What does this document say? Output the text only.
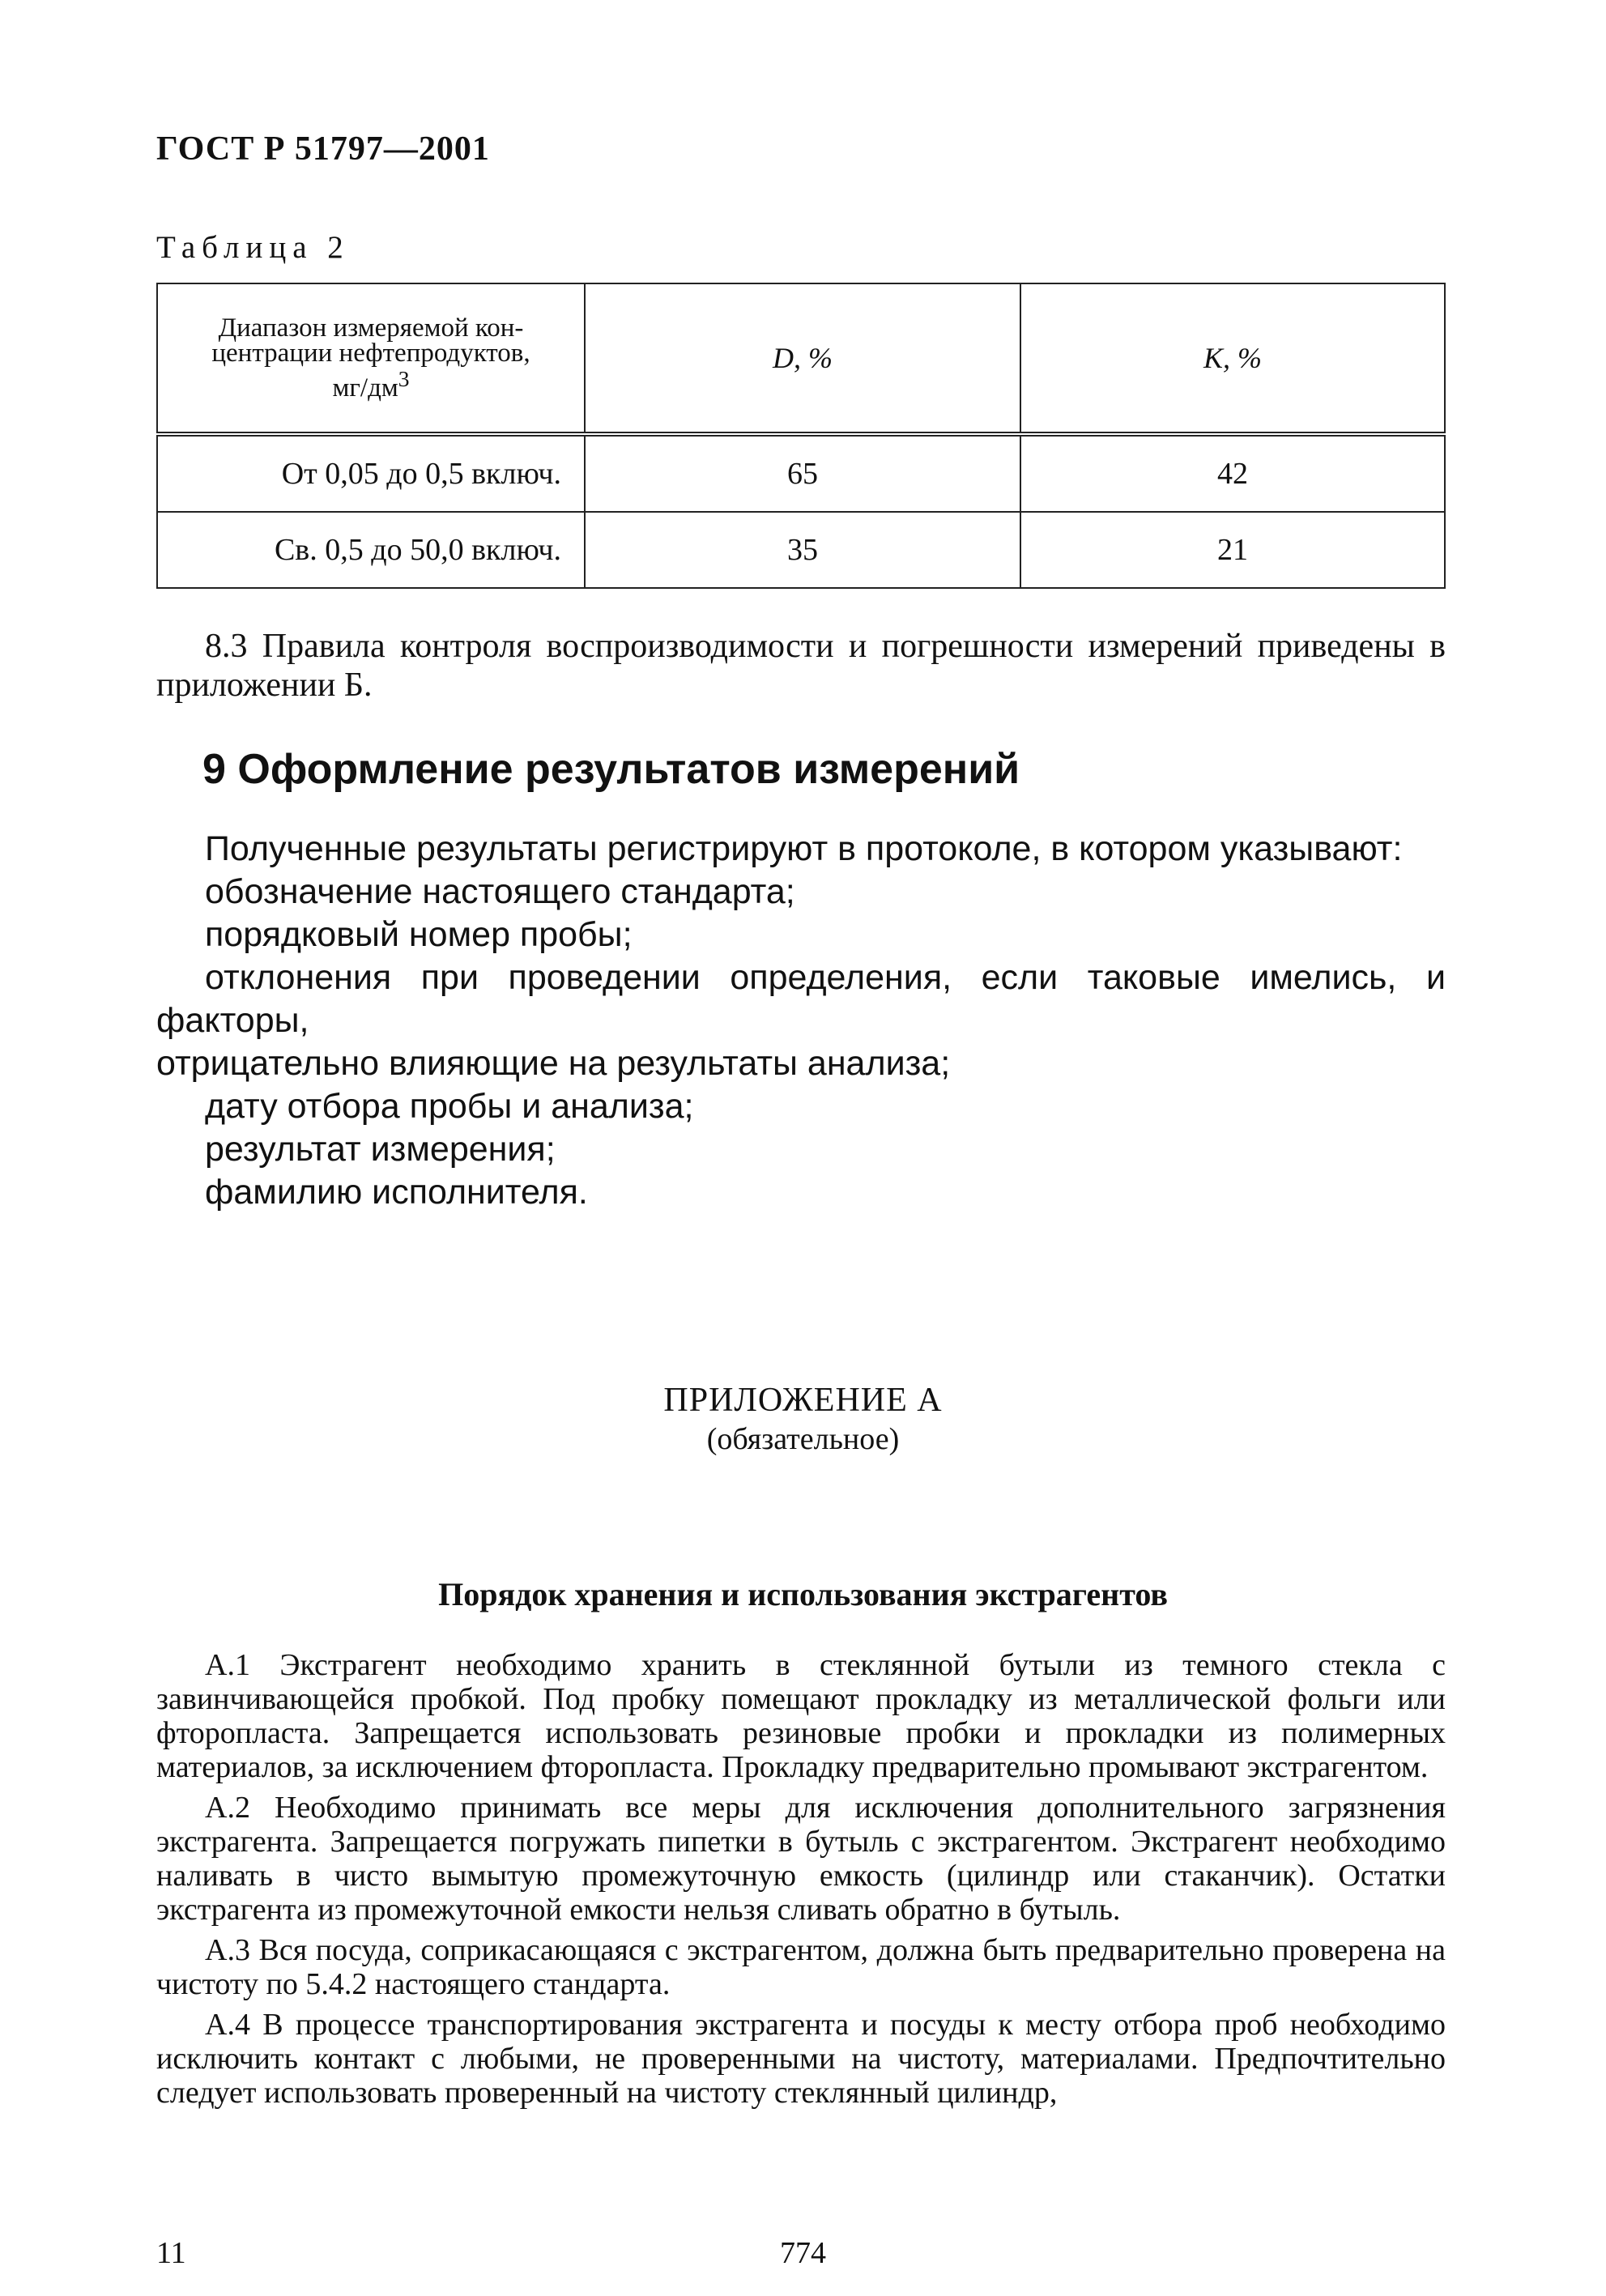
ГОСТ Р 51797—2001
Таблица 2
Диапазон измеряемой кон-
центрации нефтепродуктов,
$мг/дм^3$	D, %	K, %
От 0,05 до 0,5 включ.	65	42
Св. 0,5 до 50,0 включ.	35	21
8.3 Правила контроля воспроизводимости и погрешности измерений приведены в приложении Б.
9 Оформление результатов измерений
Полученные результаты регистрируют в протоколе, в котором указывают:
обозначение настоящего стандарта;
порядковый номер пробы;
отклонения при проведении определения, если таковые имелись, и факторы,
отрицательно влияющие на результаты анализа;
дату отбора пробы и анализа;
результат измерения;
фамилию исполнителя.
ПРИЛОЖЕНИЕ А
(обязательное)
Порядок хранения и использования экстрагентов

А.1 Экстрагент необходимо хранить в стеклянной бутыли из темного стекла с завинчивающейся пробкой. Под пробку помещают прокладку из металлической фольги или фторопласта. Запрещается использовать резиновые пробки и прокладки из полимерных материалов, за исключением фторопласта. Прокладку предварительно промывают экстрагентом.

А.2 Необходимо принимать все меры для исключения дополнительного загрязнения экстрагента. Запрещается погружать пипетки в бутыль с экстрагентом. Экстрагент необходимо наливать в чисто вымытую промежуточную емкость (цилиндр или стаканчик). Остатки экстрагента из промежуточной емкости нельзя сливать обратно в бутыль.

А.3 Вся посуда, соприкасающаяся с экстрагентом, должна быть предварительно проверена на чистоту по 5.4.2 настоящего стандарта.

А.4 В процессе транспортирования экстрагента и посуды к месту отбора проб необходимо исключить контакт с любыми, не проверенными на чистоту, материалами. Предпочтительно следует использовать проверенный на чистоту стеклянный цилиндр,

11	774
